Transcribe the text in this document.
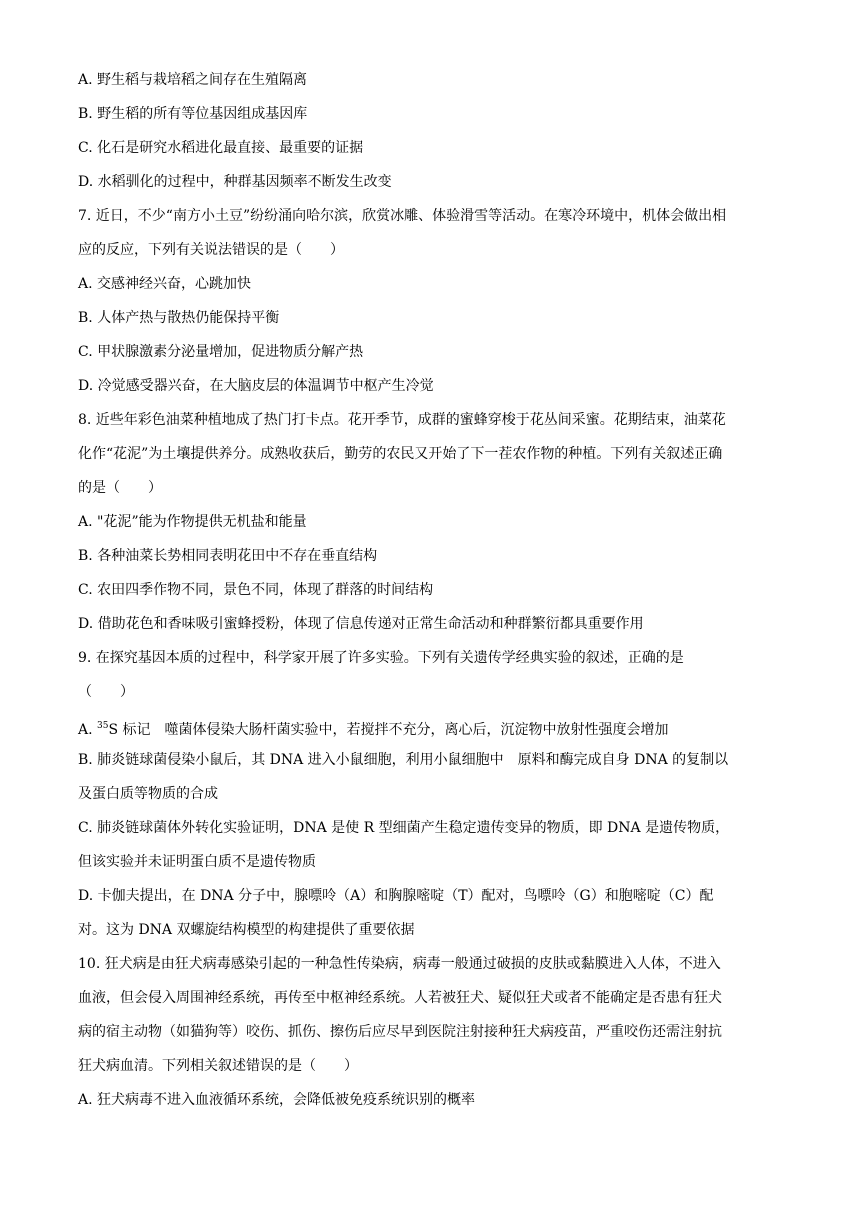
A. 野生稻与栽培稻之间存在生殖隔离
B. 野生稻的所有等位基因组成基因库
C. 化石是研究水稻进化最直接、最重要的证据
D. 水稻驯化的过程中，种群基因频率不断发生改变
7. 近日，不少“南方小土豆”纷纷涌向哈尔滨，欣赏冰雕、体验滑雪等活动。在寒冷环境中，机体会做出相
应的反应，下列有关说法错误的是（　　）
A. 交感神经兴奋，心跳加快
B. 人体产热与散热仍能保持平衡
C. 甲状腺激素分泌量增加，促进物质分解产热
D. 冷觉感受器兴奋，在大脑皮层的体温调节中枢产生冷觉
8. 近些年彩色油菜种植地成了热门打卡点。花开季节，成群的蜜蜂穿梭于花丛间采蜜。花期结束，油菜花
化作“花泥”为土壤提供养分。成熟收获后，勤劳的农民又开始了下一茬农作物的种植。下列有关叙述正确
的是（　　）
A. "花泥”能为作物提供无机盐和能量
B. 各种油菜长势相同表明花田中不存在垂直结构
C. 农田四季作物不同，景色不同，体现了群落的时间结构
D. 借助花色和香味吸引蜜蜂授粉，体现了信息传递对正常生命活动和种群繁衍都具重要作用
9. 在探究基因本质的过程中，科学家开展了许多实验。下列有关遗传学经典实验的叙述，正确的是
（　　）
A. $^{35}$S 标记　噬菌体侵染大肠杆菌实验中，若搅拌不充分，离心后，沉淀物中放射性强度会增加
B. 肺炎链球菌侵染小鼠后，其 DNA 进入小鼠细胞，利用小鼠细胞中　原料和酶完成自身 DNA 的复制以
及蛋白质等物质的合成
C. 肺炎链球菌体外转化实验证明，DNA 是使 R 型细菌产生稳定遗传变异的物质，即 DNA 是遗传物质，
但该实验并未证明蛋白质不是遗传物质
D. 卡伽夫提出，在 DNA 分子中，腺嘌呤（A）和胸腺嘧啶（T）配对，鸟嘌呤（G）和胞嘧啶（C）配
对。这为 DNA 双螺旋结构模型的构建提供了重要依据
10. 狂犬病是由狂犬病毒感染引起的一种急性传染病，病毒一般通过破损的皮肤或黏膜进入人体，不进入
血液，但会侵入周围神经系统，再传至中枢神经系统。人若被狂犬、疑似狂犬或者不能确定是否患有狂犬
病的宿主动物（如猫狗等）咬伤、抓伤、擦伤后应尽早到医院注射接种狂犬病疫苗，严重咬伤还需注射抗
狂犬病血清。下列相关叙述错误的是（　　）
A. 狂犬病毒不进入血液循环系统，会降低被免疫系统识别的概率
